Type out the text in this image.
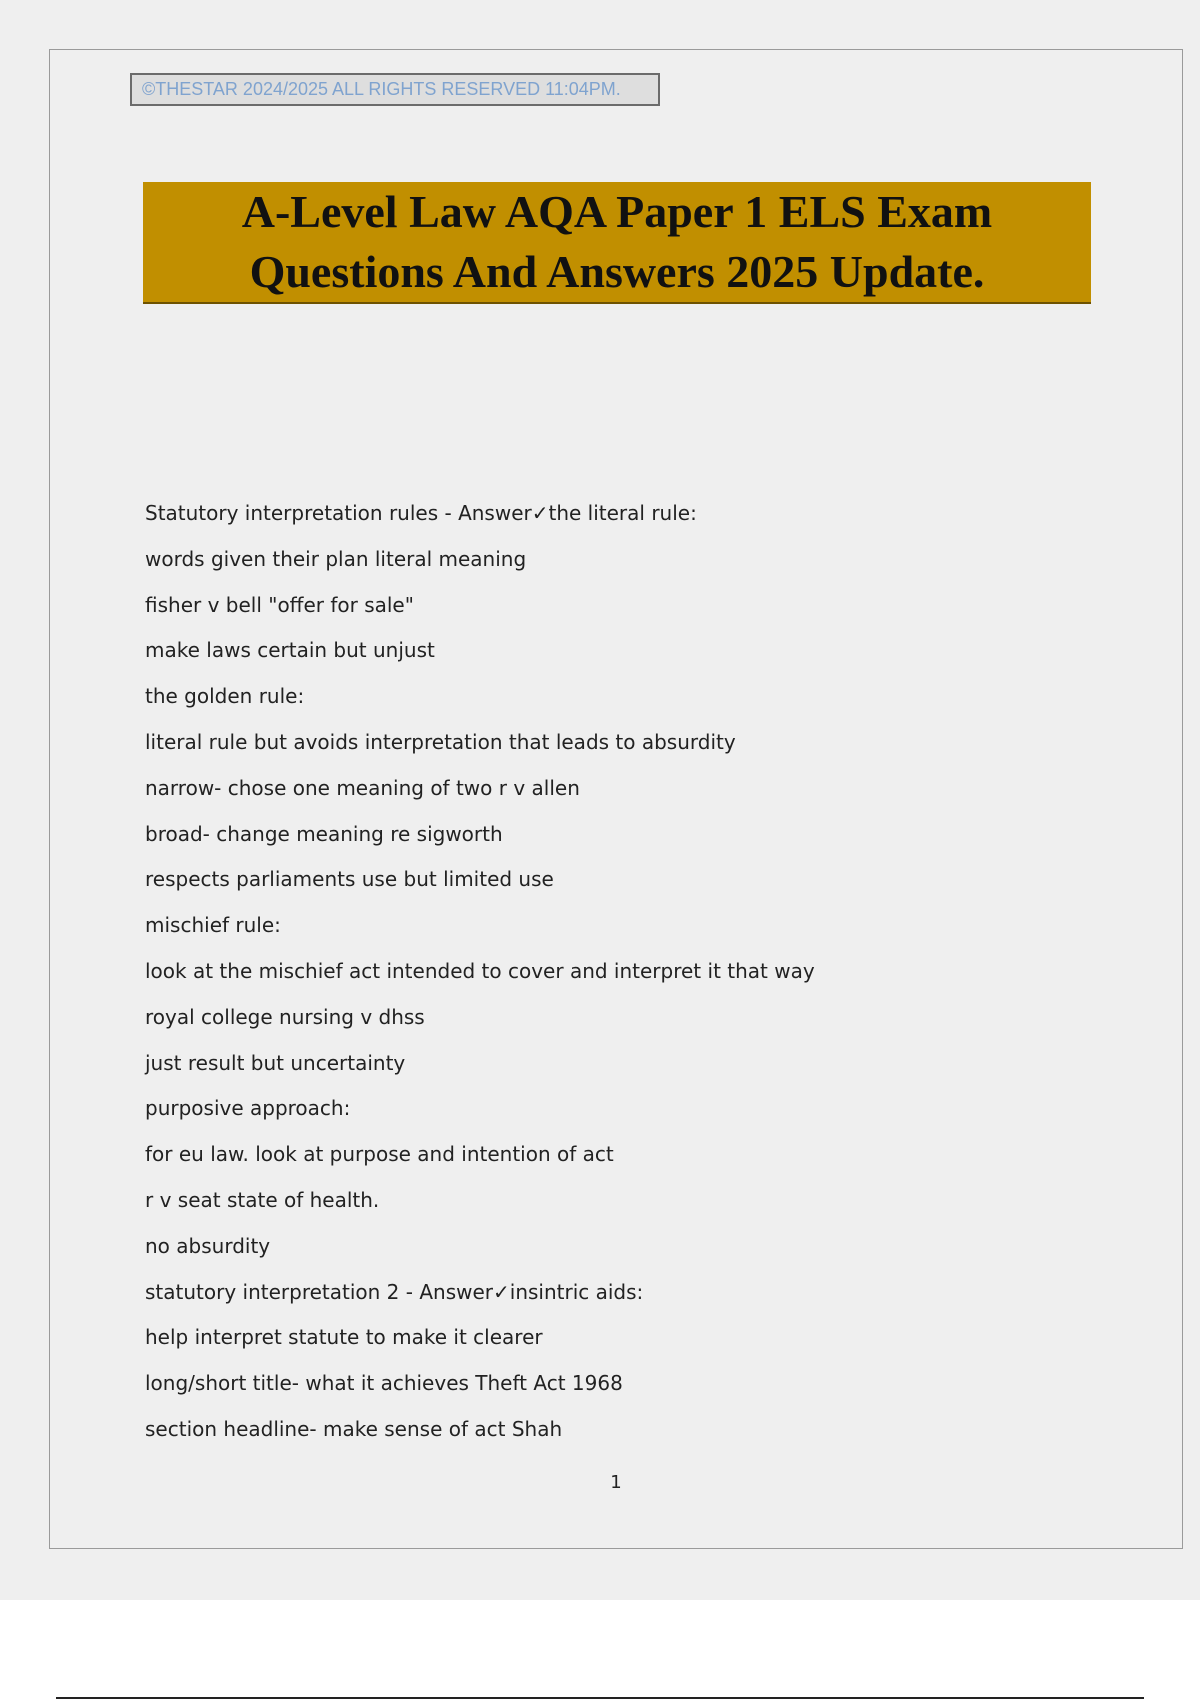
©THESTAR 2024/2025 ALL RIGHTS RESERVED 11:04PM.
A-Level Law AQA Paper 1 ELS Exam
Questions And Answers 2025 Update.
Statutory interpretation rules - Answer✓the literal rule:
words given their plan literal meaning
fisher v bell "offer for sale"
make laws certain but unjust
the golden rule:
literal rule but avoids interpretation that leads to absurdity
narrow- chose one meaning of two r v allen
broad- change meaning re sigworth
respects parliaments use but limited use
mischief rule:
look at the mischief act intended to cover and interpret it that way
royal college nursing v dhss
just result but uncertainty
purposive approach:
for eu law. look at purpose and intention of act
r v seat state of health.
no absurdity
statutory interpretation 2 - Answer✓insintric aids:
help interpret statute to make it clearer
long/short title- what it achieves Theft Act 1968
section headline- make sense of act Shah
1
